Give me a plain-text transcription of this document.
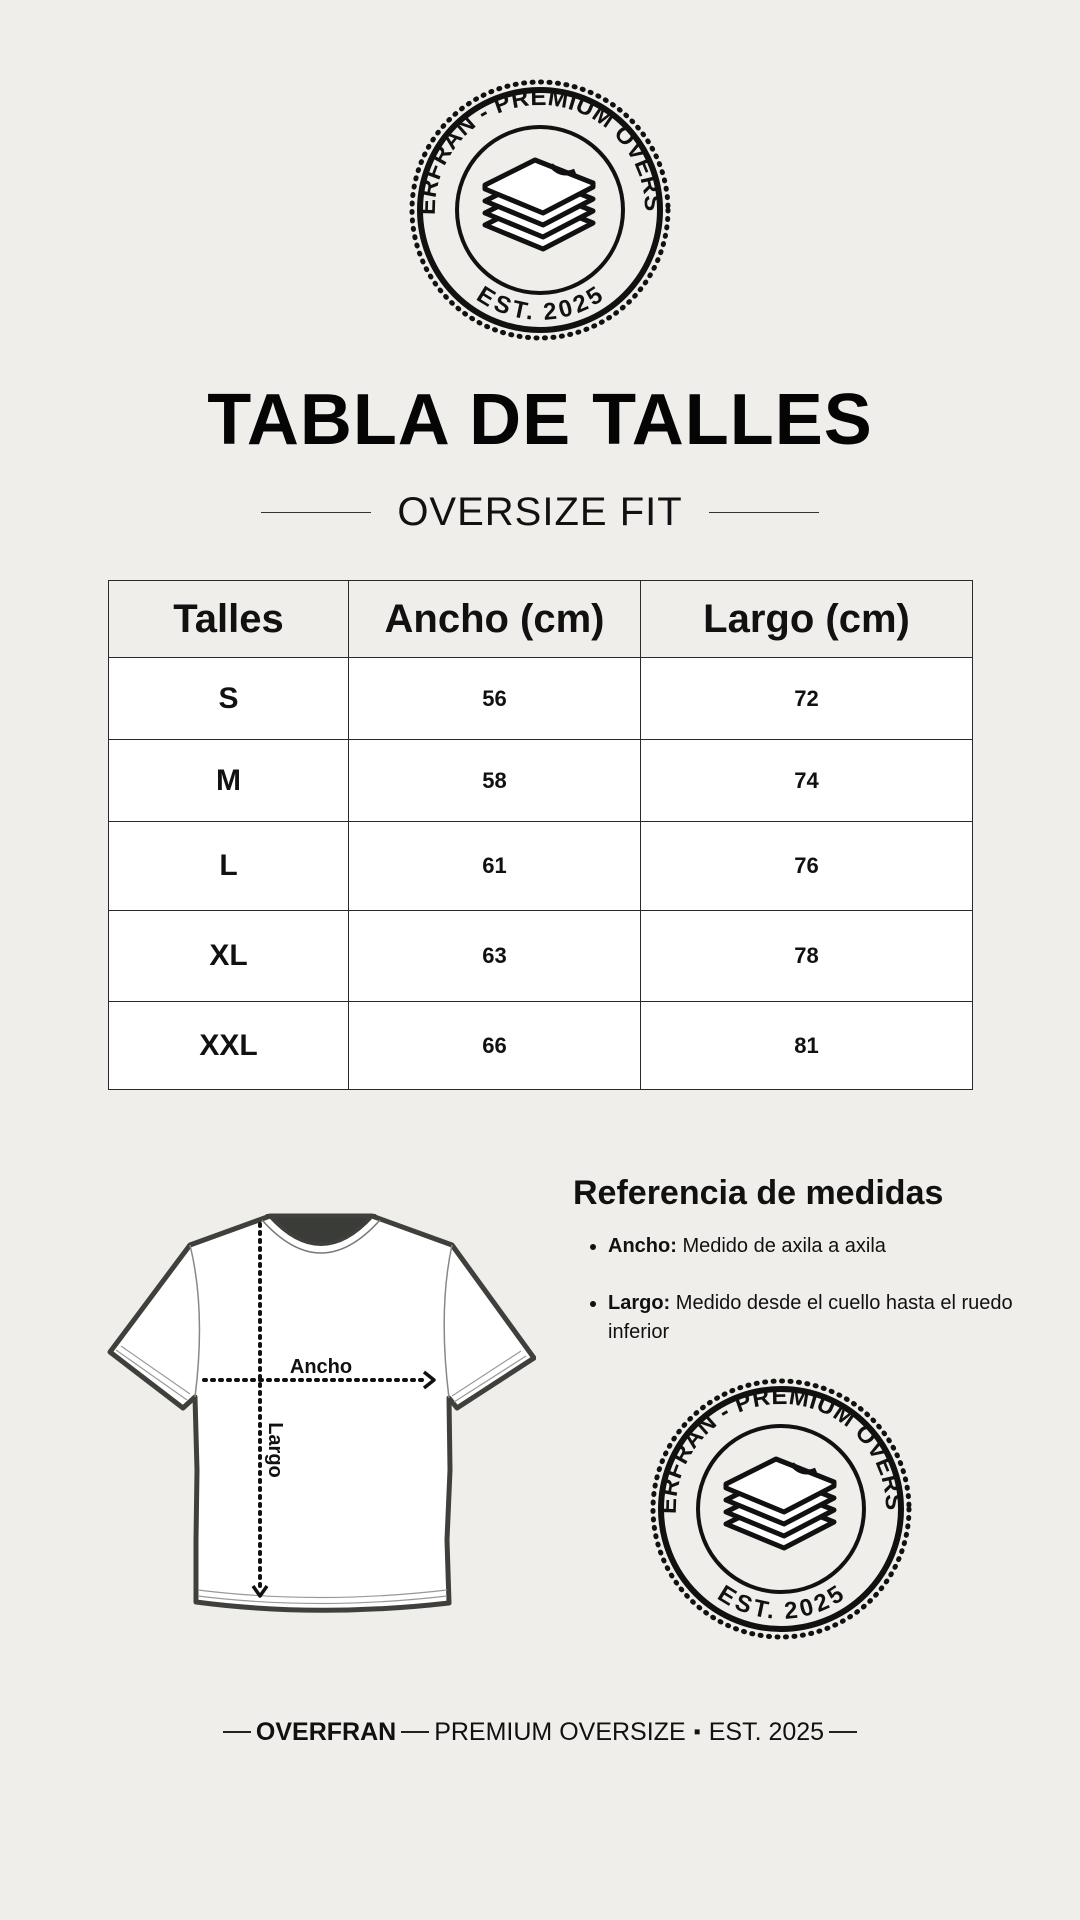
ERFRAN - PREMIUM OVERS
EST. 2025
TABLA DE TALLES
OVERSIZE FIT
Talles	Ancho (cm)	Largo (cm)
S	56	72
M	58	74
L	61	76
XL	63	78
XXL	66	81
Ancho
Largo
Referencia de medidas
• Ancho: Medido de axila a axila
• Largo: Medido desde el cuello hasta el ruedo inferior
ERFRAN - PREMIUM OVERS
EST. 2025
OVERFRAN PREMIUM OVERSIZE ▪ EST. 2025
